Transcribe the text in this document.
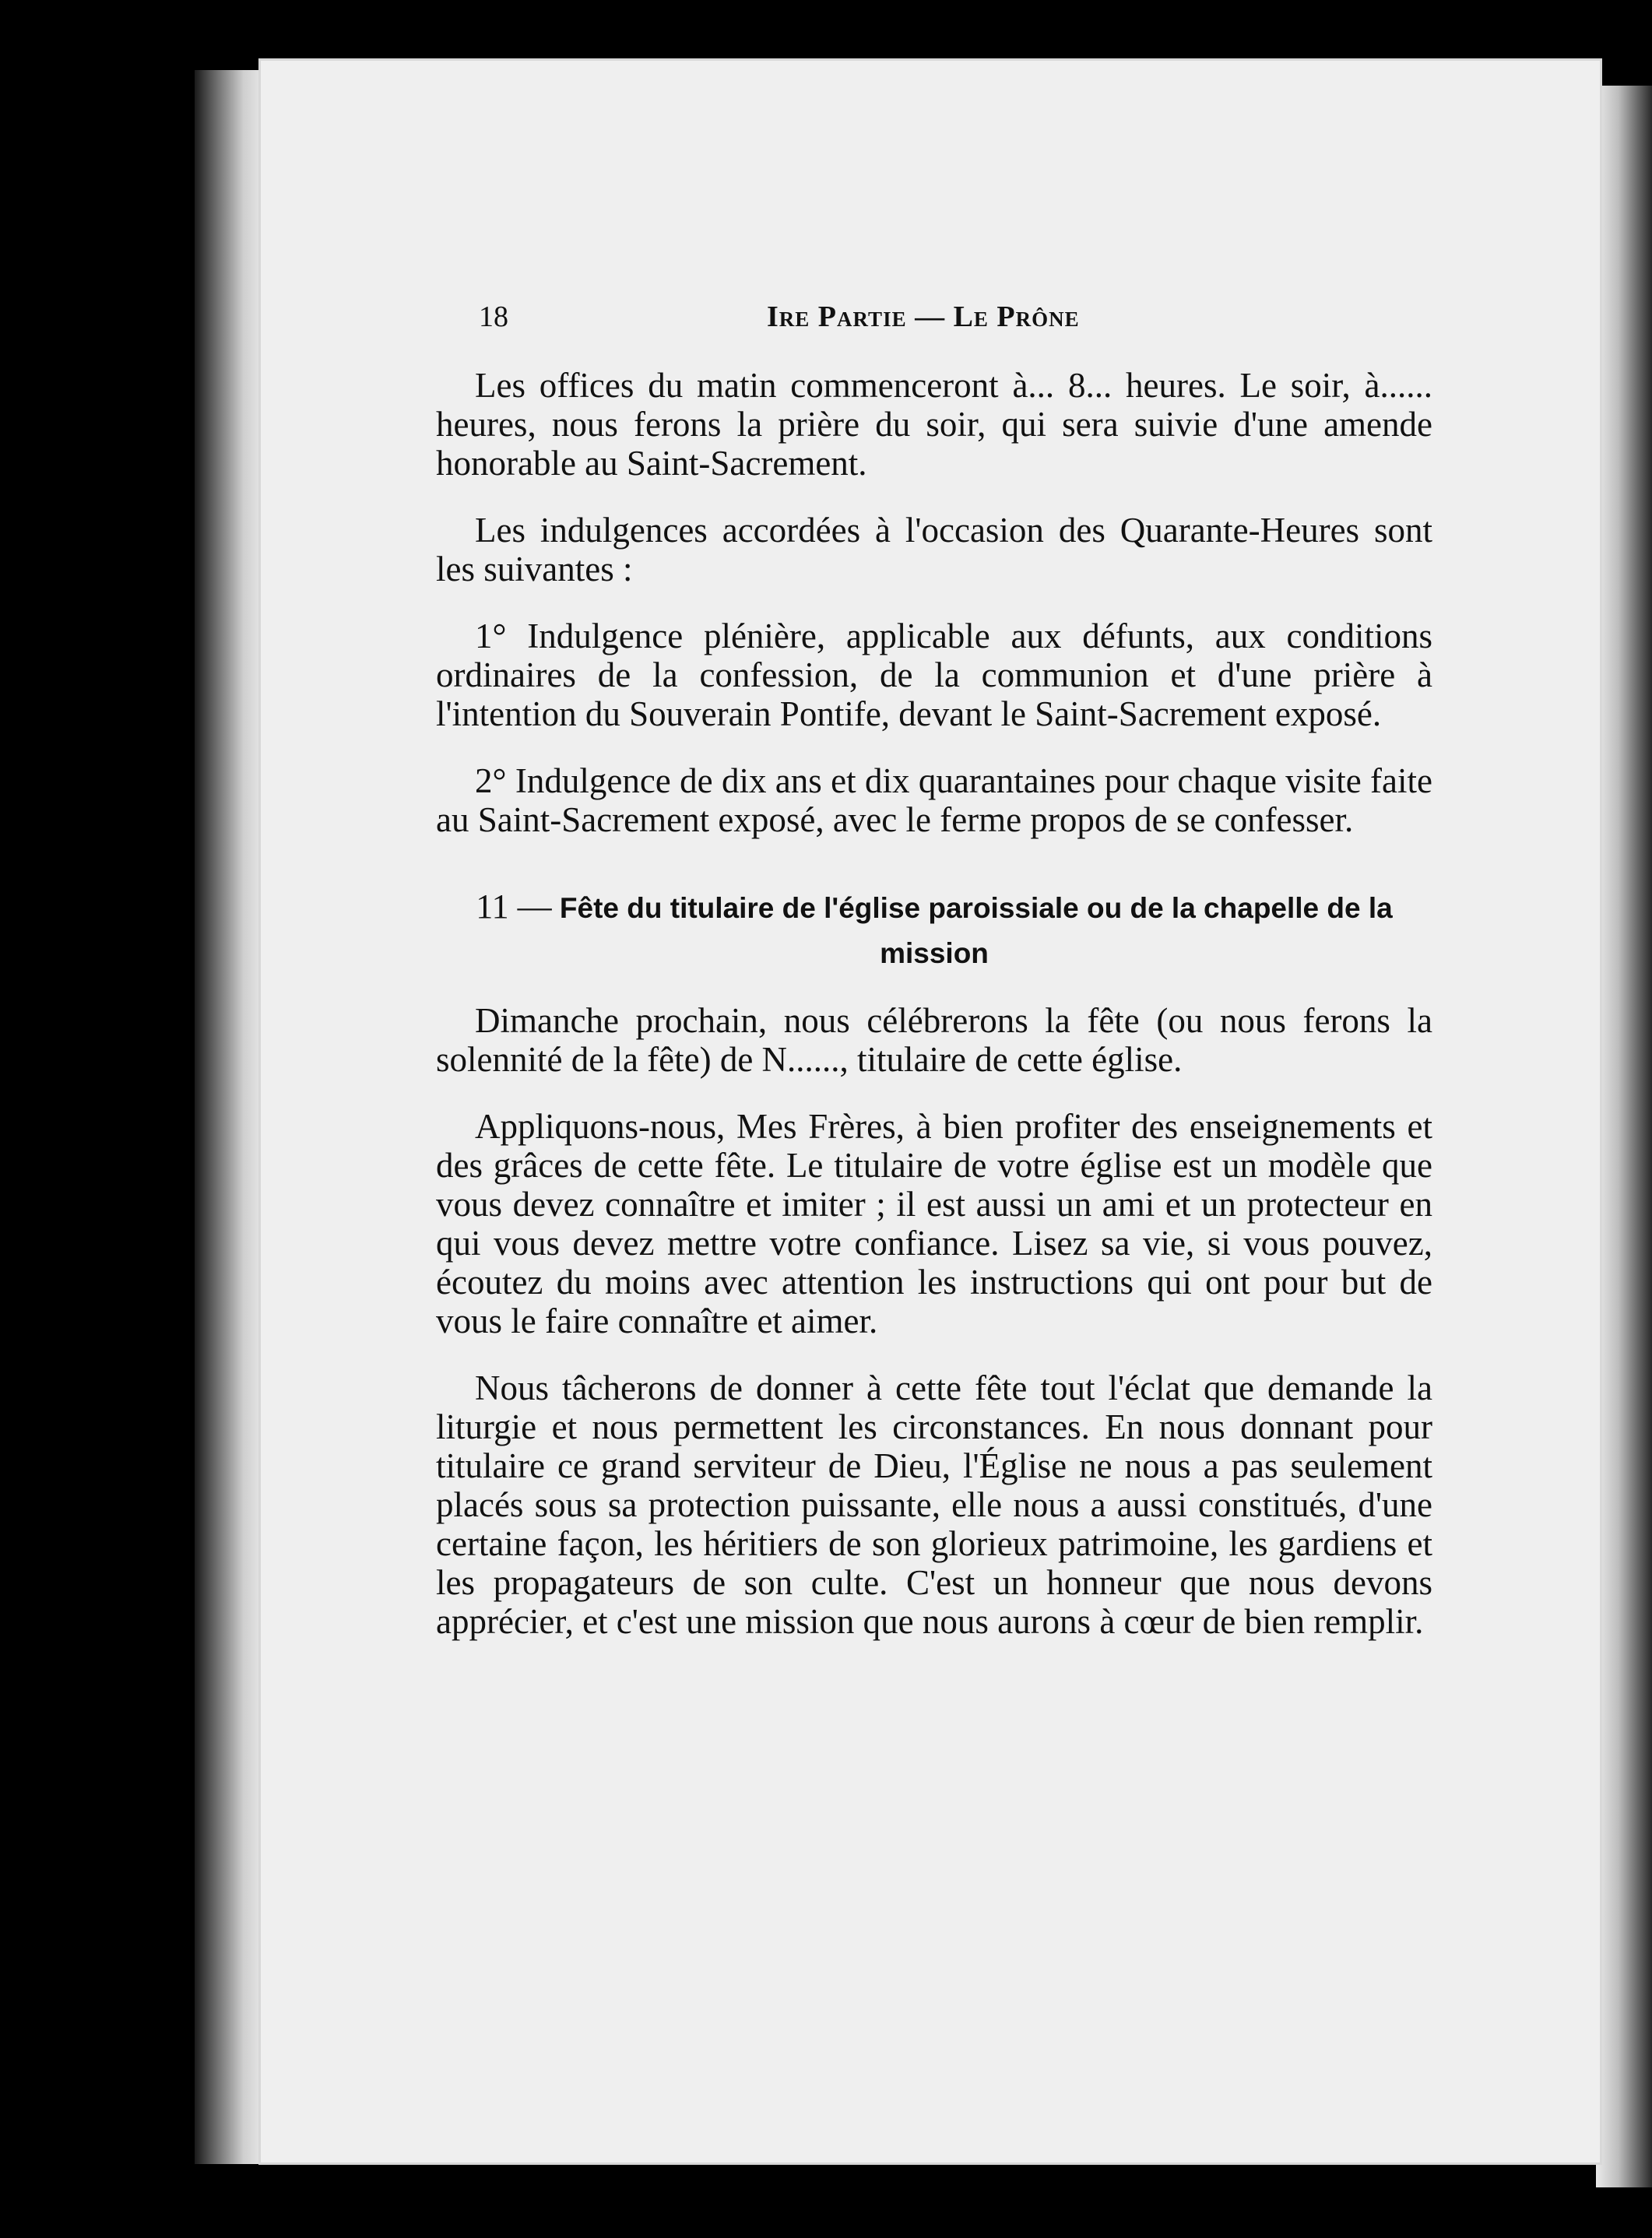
18	Ire Partie — Le Prône

Les offices du matin commenceront à... 8... heures. Le soir, à...... heures, nous ferons la prière du soir, qui sera suivie d'une amende honorable au Saint-Sacrement.

Les indulgences accordées à l'occasion des Quarante-Heures sont les suivantes :

1° Indulgence plénière, applicable aux défunts, aux conditions ordinaires de la confession, de la communion et d'une prière à l'intention du Souverain Pontife, devant le Saint-Sacrement exposé.

2° Indulgence de dix ans et dix quarantaines pour chaque visite faite au Saint-Sacrement exposé, avec le ferme propos de se confesser.

11 — Fête du titulaire de l'église paroissiale ou de la chapelle de la mission

Dimanche prochain, nous célébrerons la fête (ou nous ferons la solennité de la fête) de N......, titulaire de cette église.

Appliquons-nous, Mes Frères, à bien profiter des enseignements et des grâces de cette fête. Le titulaire de votre église est un modèle que vous devez connaître et imiter ; il est aussi un ami et un protecteur en qui vous devez mettre votre confiance. Lisez sa vie, si vous pouvez, écoutez du moins avec attention les instructions qui ont pour but de vous le faire connaître et aimer.

Nous tâcherons de donner à cette fête tout l'éclat que demande la liturgie et nous permettent les circonstances. En nous donnant pour titulaire ce grand serviteur de Dieu, l'Église ne nous a pas seulement placés sous sa protection puissante, elle nous a aussi constitués, d'une certaine façon, les héritiers de son glorieux patrimoine, les gardiens et les propagateurs de son culte. C'est un honneur que nous devons apprécier, et c'est une mission que nous aurons à cœur de bien remplir.
